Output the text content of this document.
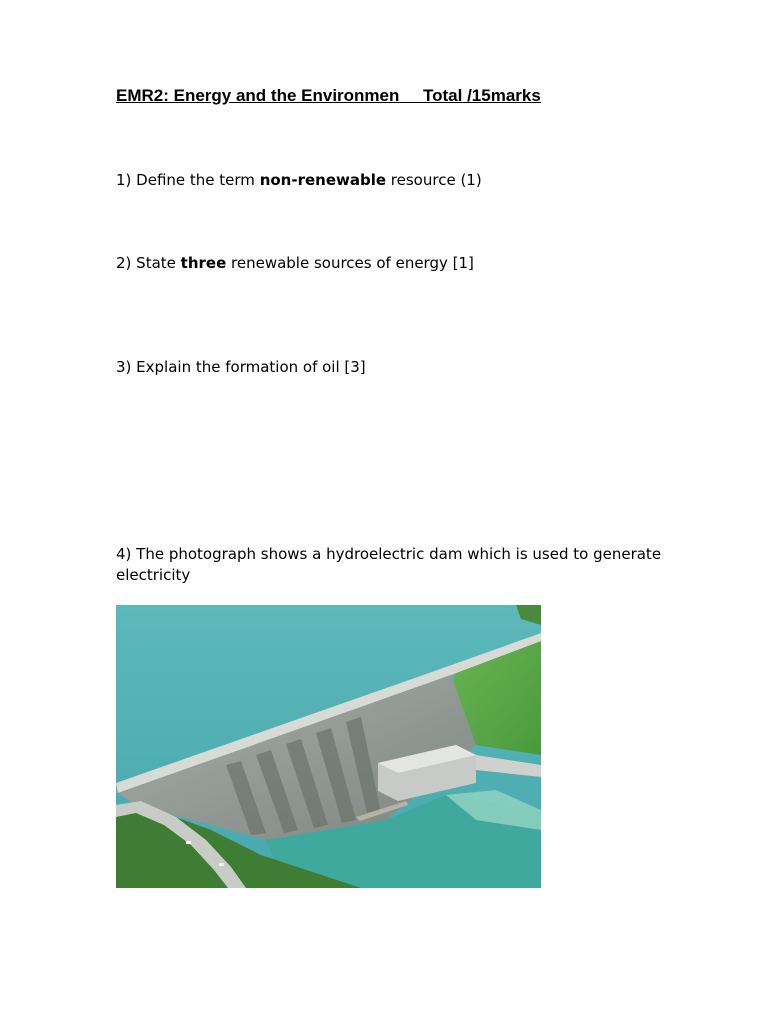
EMR2: Energy and the Environmen Total /15marks
1) Define the term non-renewable resource (1)
2) State three renewable sources of energy [1]
3) Explain the formation of oil [3]
4) The photograph shows a hydroelectric dam which is used to generate electricity
